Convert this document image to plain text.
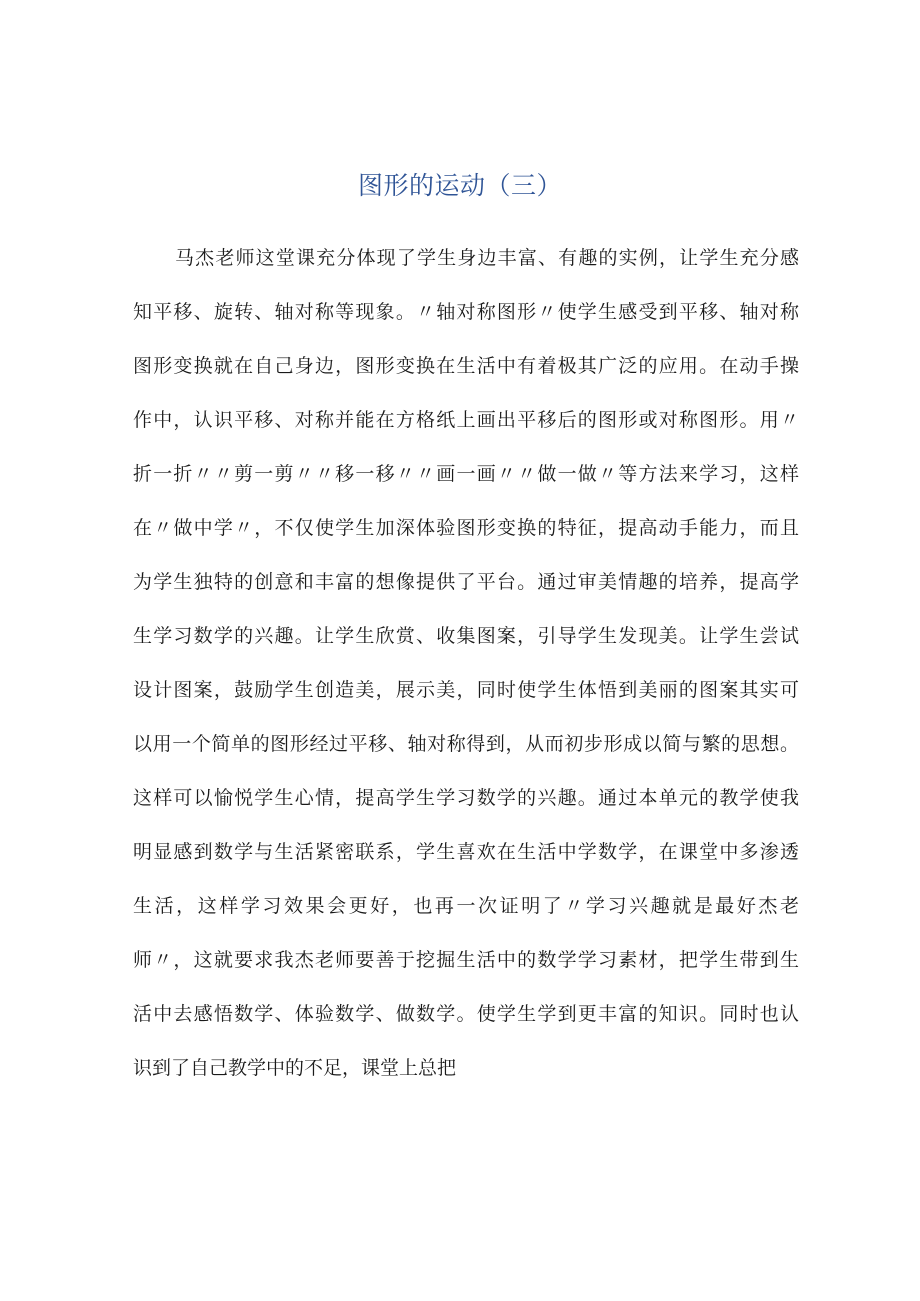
图形的运动（三）
马杰老师这堂课充分体现了学生身边丰富、有趣的实例，让学生充分感
知平移、旋转、轴对称等现象。〃轴对称图形〃使学生感受到平移、轴对称
图形变换就在自己身边，图形变换在生活中有着极其广泛的应用。在动手操
作中，认识平移、对称并能在方格纸上画出平移后的图形或对称图形。用〃
折一折〃〃剪一剪〃〃移一移〃〃画一画〃〃做一做〃等方法来学习，这样
在〃做中学〃，不仅使学生加深体验图形变换的特征，提高动手能力，而且
为学生独特的创意和丰富的想像提供了平台。通过审美情趣的培养，提高学
生学习数学的兴趣。让学生欣赏、收集图案，引导学生发现美。让学生尝试
设计图案，鼓励学生创造美，展示美，同时使学生体悟到美丽的图案其实可
以用一个简单的图形经过平移、轴对称得到，从而初步形成以简与繁的思想。
这样可以愉悦学生心情，提高学生学习数学的兴趣。通过本单元的教学使我
明显感到数学与生活紧密联系，学生喜欢在生活中学数学，在课堂中多渗透
生活，这样学习效果会更好，也再一次证明了〃学习兴趣就是最好杰老
师〃，这就要求我杰老师要善于挖掘生活中的数学学习素材，把学生带到生
活中去感悟数学、体验数学、做数学。使学生学到更丰富的知识。同时也认
识到了自己教学中的不足，课堂上总把
